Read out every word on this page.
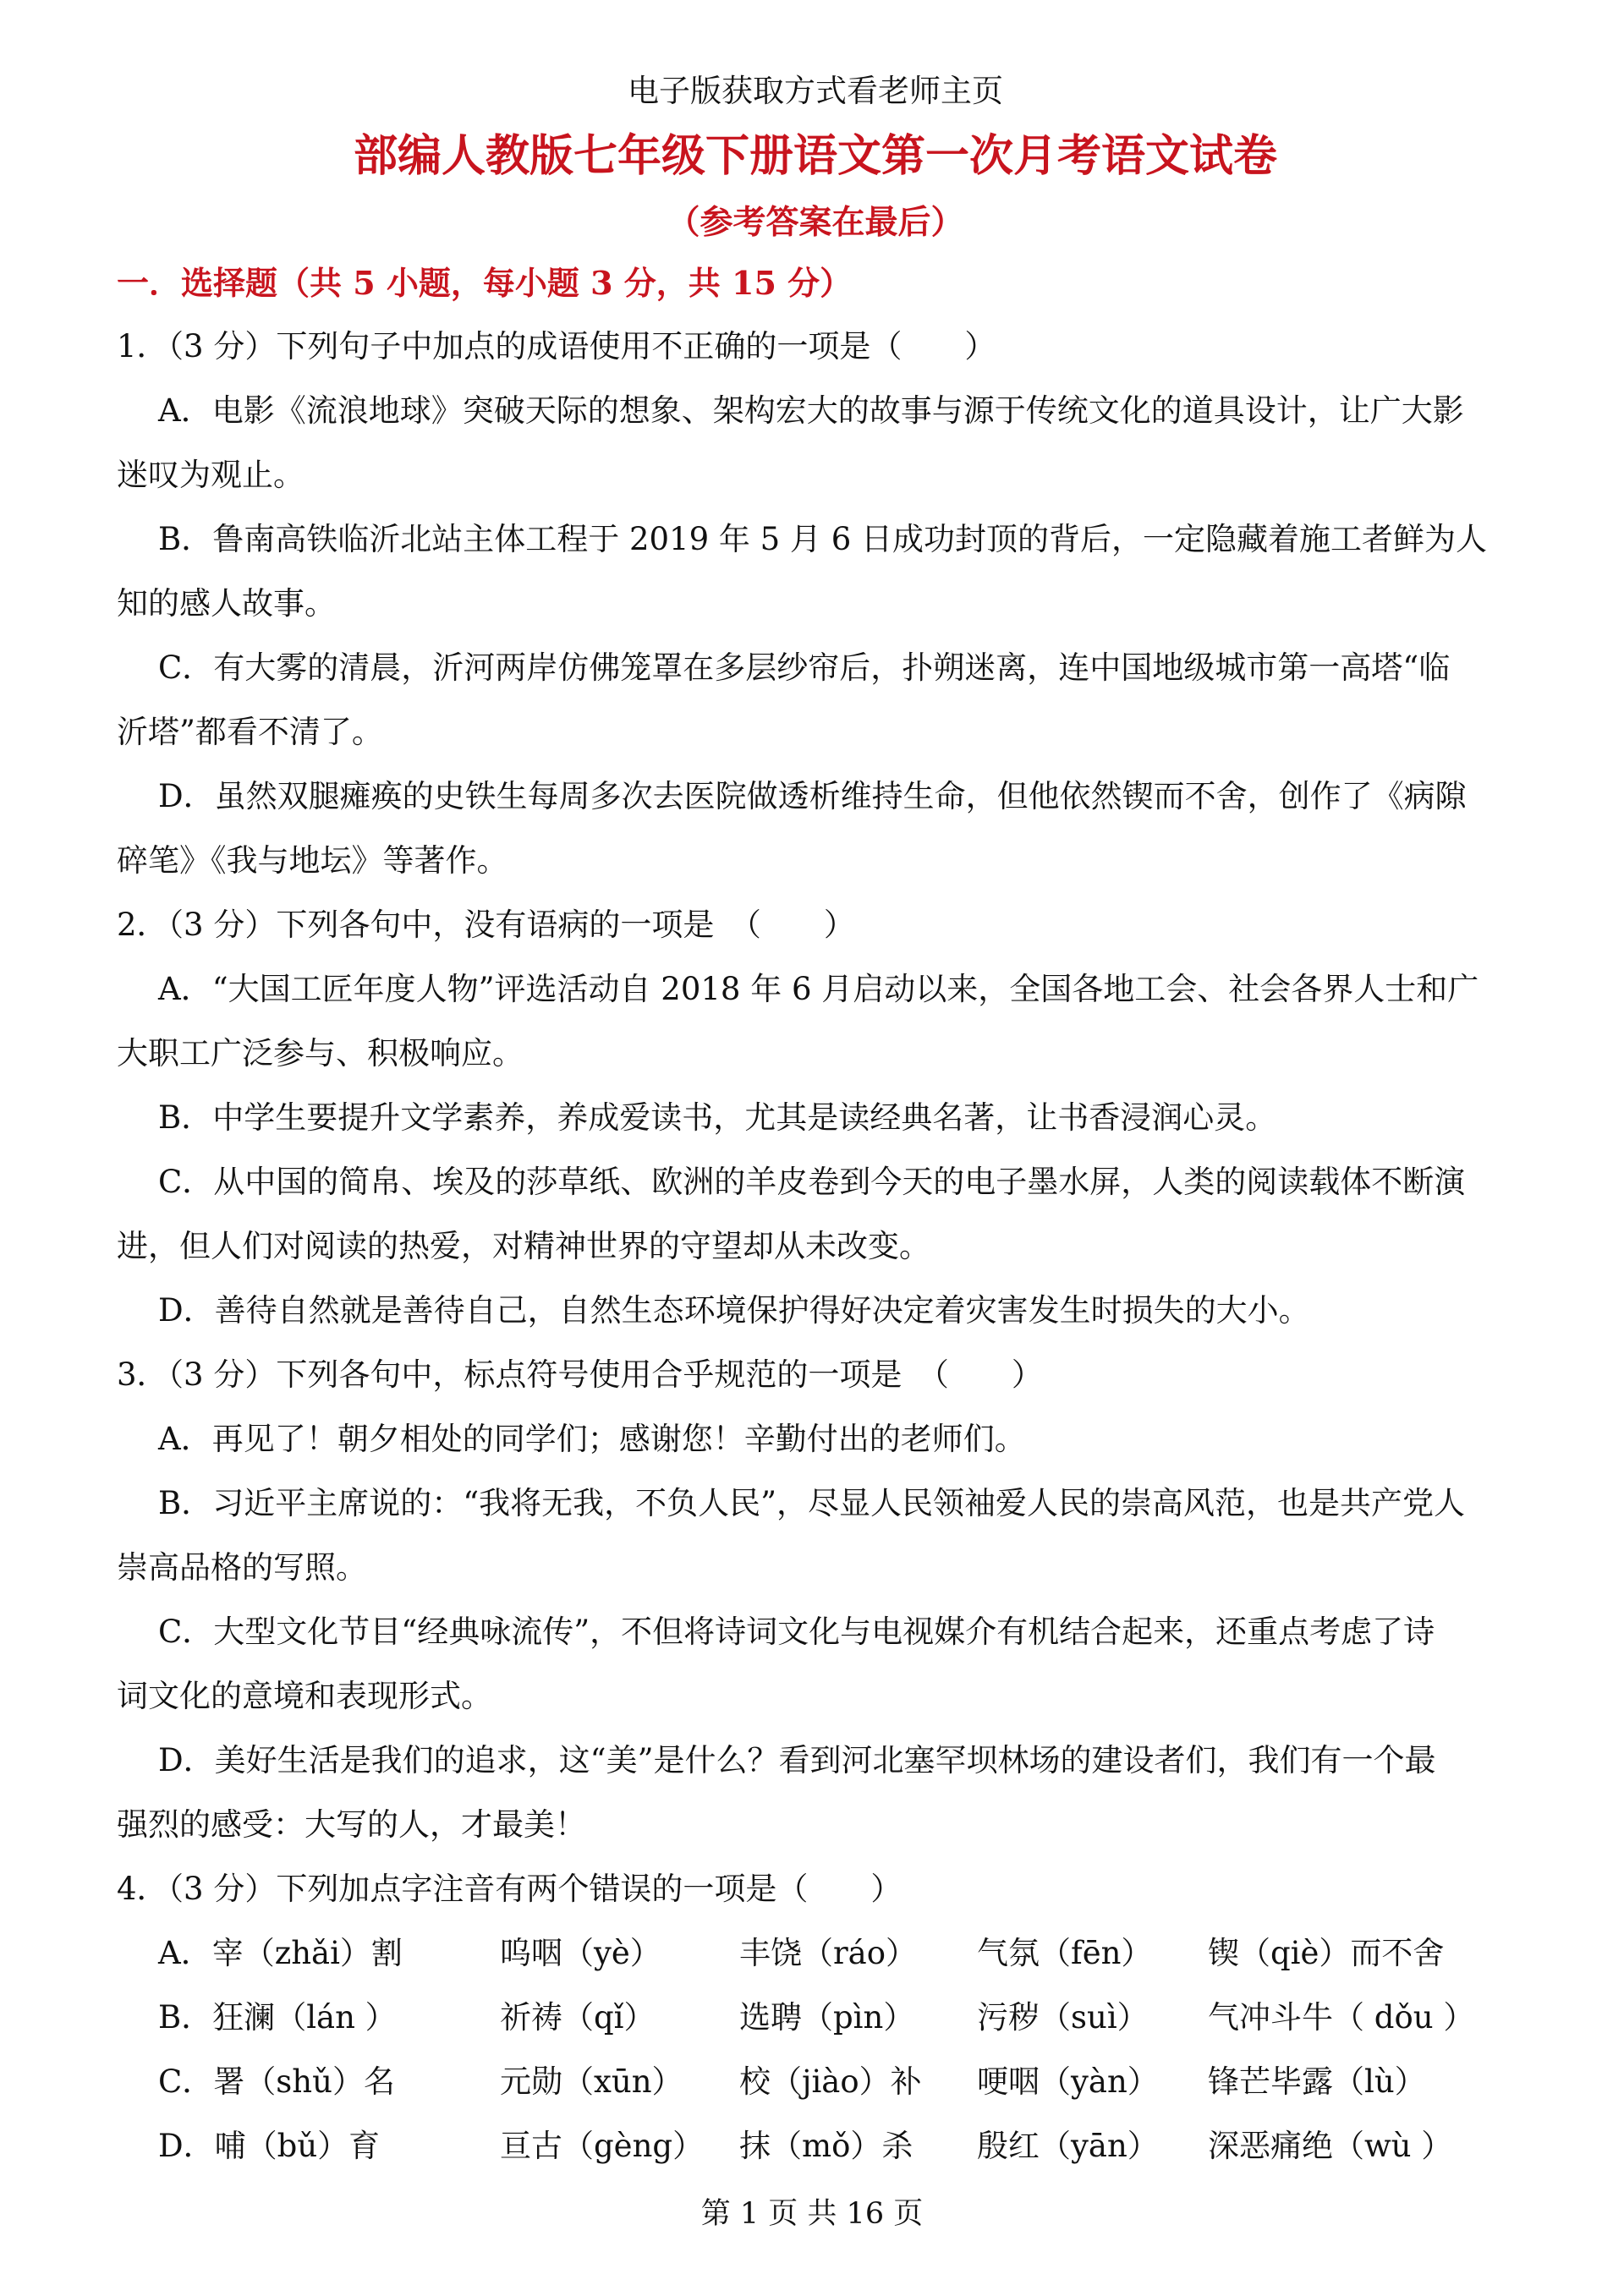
电子版获取方式看老师主页
部编人教版七年级下册语文第一次月考语文试卷
（参考答案在最后）
一．选择题（共 5 小题，每小题 3 分，共 15 分）
1．（3 分）下列句子中加点的成语使用不正确的一项是（　　）
A．电影《流浪地球》突破天际的想象、架构宏大的故事与源于传统文化的道具设计，让广大影
迷叹为观止。
B．鲁南高铁临沂北站主体工程于 2019 年 5 月 6 日成功封顶的背后，一定隐藏着施工者鲜为人
知的感人故事。
C．有大雾的清晨，沂河两岸仿佛笼罩在多层纱帘后，扑朔迷离，连中国地级城市第一高塔“临
沂塔”都看不清了。
D．虽然双腿瘫痪的史铁生每周多次去医院做透析维持生命，但他依然锲而不舍，创作了《病隙
碎笔》《我与地坛》等著作。
2．（3 分）下列各句中，没有语病的一项是　（　　）
A．“大国工匠年度人物”评选活动自 2018 年 6 月启动以来，全国各地工会、社会各界人士和广
大职工广泛参与、积极响应。
B．中学生要提升文学素养，养成爱读书，尤其是读经典名著，让书香浸润心灵。
C．从中国的简帛、埃及的莎草纸、欧洲的羊皮卷到今天的电子墨水屏，人类的阅读载体不断演
进，但人们对阅读的热爱，对精神世界的守望却从未改变。
D．善待自然就是善待自己，自然生态环境保护得好决定着灾害发生时损失的大小。
3．（3 分）下列各句中，标点符号使用合乎规范的一项是　（　　）
A．再见了！朝夕相处的同学们；感谢您！辛勤付出的老师们。
B．习近平主席说的：“我将无我，不负人民”，尽显人民领袖爱人民的崇高风范，也是共产党人
崇高品格的写照。
C．大型文化节目“经典咏流传”，不但将诗词文化与电视媒介有机结合起来，还重点考虑了诗
词文化的意境和表现形式。
D．美好生活是我们的追求，这“美”是什么？看到河北塞罕坝林场的建设者们，我们有一个最
强烈的感受：大写的人，才最美！
4．（3 分）下列加点字注音有两个错误的一项是（　　）
A．宰（zhǎi）割	呜咽（yè） 丰饶（ráo） 气氛（fēn） 锲（qiè）而不舍
B．狂澜（lán ）	祈祷（qǐ）	选聘（pìn） 污秽（suì） 气冲斗牛（ dǒu ）
C．署（shǔ）名	元勋（xūn） 校（jiào）补 哽咽（yàn） 锋芒毕露（lù）
D．哺（bǔ）育	亘古（gèng） 抹（mǒ）杀 殷红（yān） 深恶痛绝（wù ）
第 1 页 共 16 页
